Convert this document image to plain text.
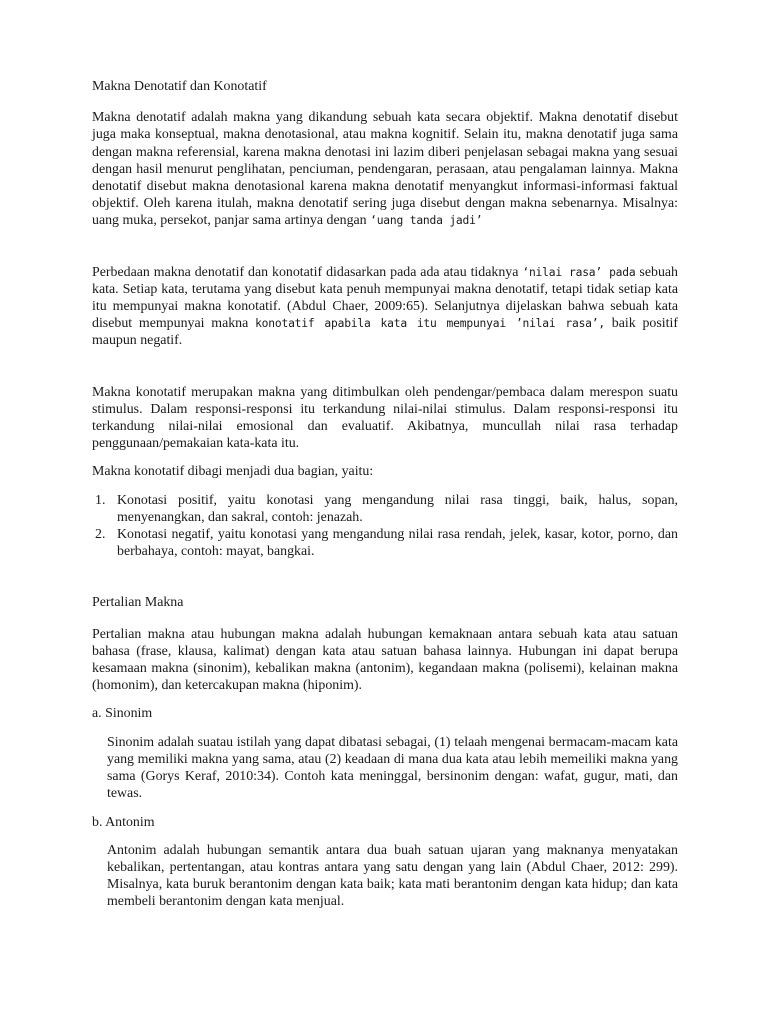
Makna Denotatif dan Konotatif

Makna denotatif adalah makna yang dikandung sebuah kata secara objektif. Makna denotatif disebut juga maka konseptual, makna denotasional, atau makna kognitif. Selain itu, makna denotatif juga sama dengan makna referensial, karena makna denotasi ini lazim diberi penjelasan sebagai makna yang sesuai dengan hasil menurut penglihatan, penciuman, pendengaran, perasaan, atau pengalaman lainnya. Makna denotatif disebut makna denotasional karena makna denotatif menyangkut informasi-informasi faktual objektif. Oleh karena itulah, makna denotatif sering juga disebut dengan makna sebenarnya. Misalnya: uang muka, persekot, panjar sama artinya dengan ‘uang tanda jadi’

Perbedaan makna denotatif dan konotatif didasarkan pada ada atau tidaknya ‘nilai rasa’ pada sebuah kata. Setiap kata, terutama yang disebut kata penuh mempunyai makna denotatif, tetapi tidak setiap kata itu mempunyai makna konotatif. (Abdul Chaer, 2009:65). Selanjutnya dijelaskan bahwa sebuah kata disebut mempunyai makna konotatif apabila kata itu mempunyai ’nilai rasa’, baik positif maupun negatif.

Makna konotatif merupakan makna yang ditimbulkan oleh pendengar/pembaca dalam merespon suatu stimulus. Dalam responsi-responsi itu terkandung nilai-nilai stimulus. Dalam responsi-responsi itu terkandung nilai-nilai emosional dan evaluatif. Akibatnya, muncullah nilai rasa terhadap penggunaan/pemakaian kata-kata itu.

Makna konotatif dibagi menjadi dua bagian, yaitu:

1. Konotasi positif, yaitu konotasi yang mengandung nilai rasa tinggi, baik, halus, sopan, menyenangkan, dan sakral, contoh: jenazah.
2. Konotasi negatif, yaitu konotasi yang mengandung nilai rasa rendah, jelek, kasar, kotor, porno, dan berbahaya, contoh: mayat, bangkai.

Pertalian Makna

Pertalian makna atau hubungan makna adalah hubungan kemaknaan antara sebuah kata atau satuan bahasa (frase, klausa, kalimat) dengan kata atau satuan bahasa lainnya. Hubungan ini dapat berupa kesamaan makna (sinonim), kebalikan makna (antonim), kegandaan makna (polisemi), kelainan makna (homonim), dan ketercakupan makna (hiponim).

a. Sinonim

Sinonim adalah suatau istilah yang dapat dibatasi sebagai, (1) telaah mengenai bermacam-macam kata yang memiliki makna yang sama, atau (2) keadaan di mana dua kata atau lebih memeiliki makna yang sama (Gorys Keraf, 2010:34). Contoh kata meninggal, bersinonim dengan: wafat, gugur, mati, dan tewas.

b. Antonim

Antonim adalah hubungan semantik antara dua buah satuan ujaran yang maknanya menyatakan kebalikan, pertentangan, atau kontras antara yang satu dengan yang lain (Abdul Chaer, 2012: 299). Misalnya, kata buruk berantonim dengan kata baik; kata mati berantonim dengan kata hidup; dan kata membeli berantonim dengan kata menjual.
